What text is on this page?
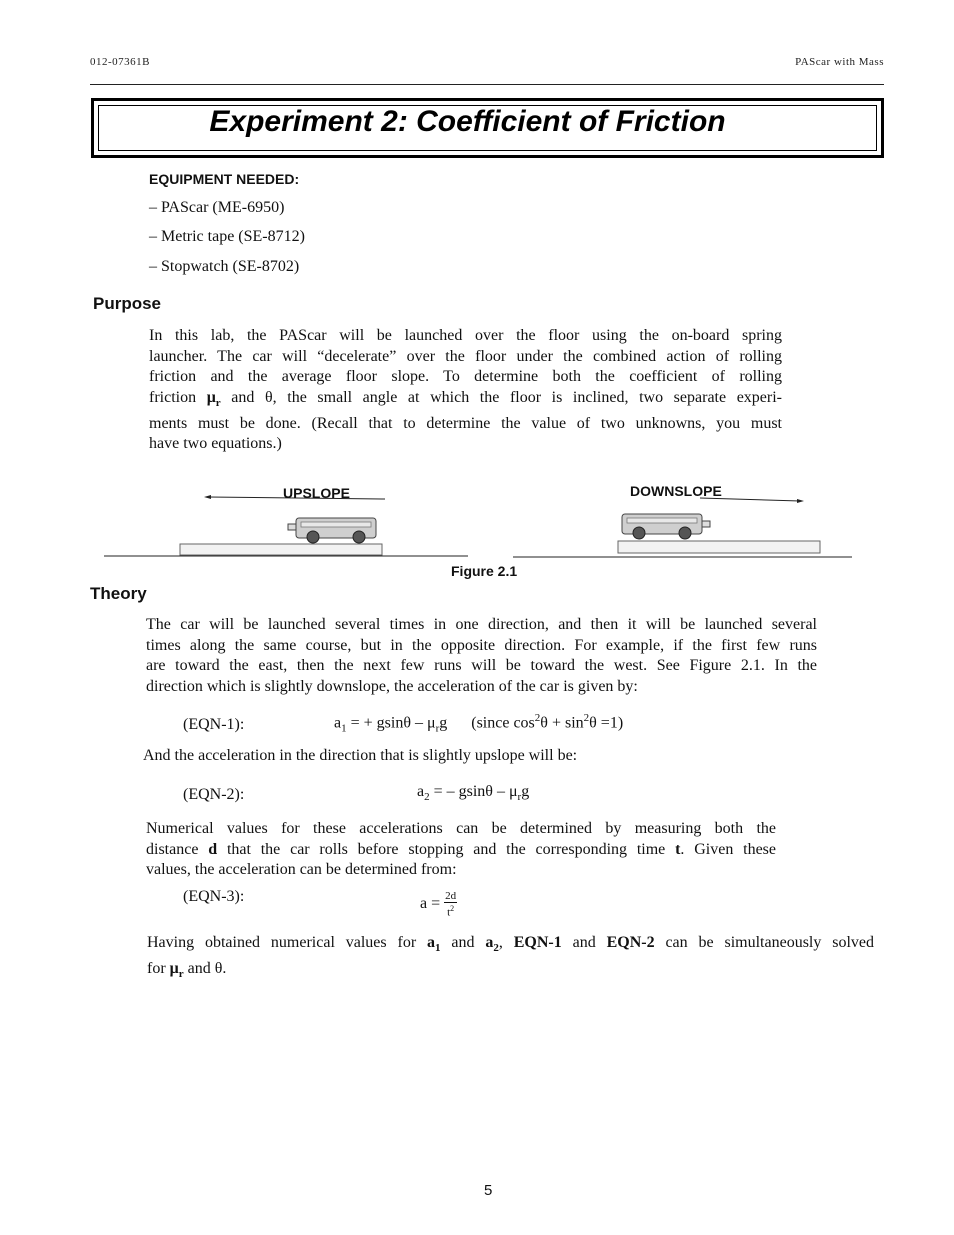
012-07361B	PAScar with Mass
Experiment 2: Coefficient of Friction
EQUIPMENT NEEDED:
– PAScar (ME-6950)
– Metric tape (SE-8712)
– Stopwatch (SE-8702)
Purpose
In this lab, the PAScar will be launched over the floor using the on-board spring
launcher. The car will “decelerate” over the floor under the combined action of rolling
friction and the average floor slope. To determine both the coefficient of rolling
friction $\mu_r$ and θ, the small angle at which the floor is inclined, two separate experi-
ments must be done. (Recall that to determine the value of two unknowns, you must
have two equations.)
UPSLOPE	DOWNSLOPE
Figure 2.1
Theory
The car will be launched several times in one direction, and then it will be launched several
times along the same course, but in the opposite direction. For example, if the first few runs
are toward the east, then the next few runs will be toward the west. See Figure 2.1. In the
direction which is slightly downslope, the acceleration of the car is given by:
(EQN-1):	$a_1$ = + gsinθ – $\mu_rg$ (since $\cos^2\theta + \sin^2\theta =1$)
And the acceleration in the direction that is slightly upslope will be:
(EQN-2):	$a_2$ = – gsinθ – $\mu_rg$
Numerical values for these accelerations can be determined by measuring both the
distance d that the car rolls before stopping and the corresponding time t. Given these
values, the acceleration can be determined from:
(EQN-3):	$a = \frac{2d}{t^2}$
Having obtained numerical values for $a_1$ and $a_2$, EQN-1 and EQN-2 can be simultaneously solved
for $\mu_r$ and θ.
5
